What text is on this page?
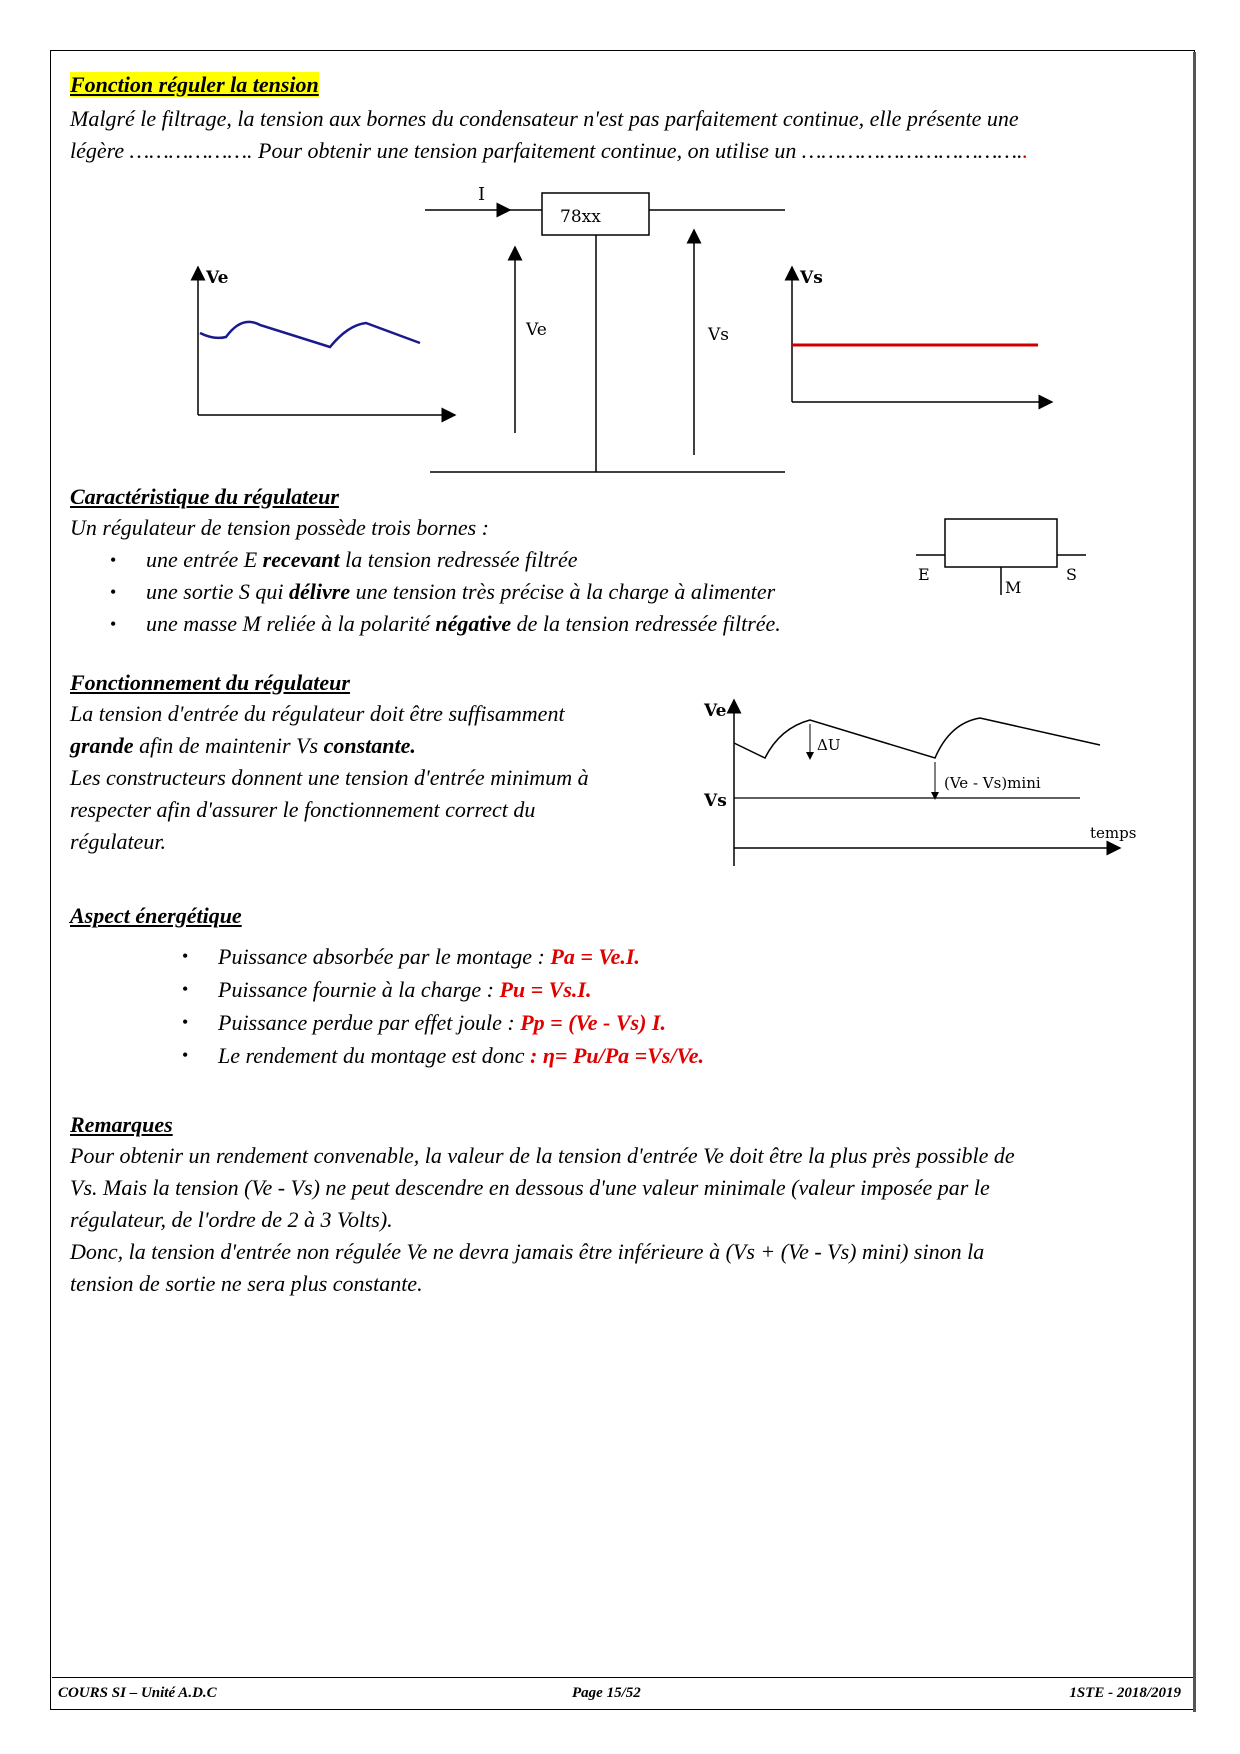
Fonction réguler la tension
Malgré le filtrage, la tension aux bornes du condensateur n'est pas parfaitement continue, elle présente une
légère ………………. Pour obtenir une tension parfaitement continue, on utilise un ……………………………..
Ve
I
78xx
Ve	Vs
Vs
Caractéristique du régulateur
Un régulateur de tension possède trois bornes :
• une entrée E recevant la tension redressée filtrée
• une sortie S qui délivre une tension très précise à la charge à alimenter
• une masse M reliée à la polarité négative de la tension redressée filtrée.
E	S
M
Fonctionnement du régulateur
La tension d'entrée du régulateur doit être suffisamment
grande afin de maintenir Vs constante.
Les constructeurs donnent une tension d'entrée minimum à
respecter afin d'assurer le fonctionnement correct du
régulateur.
Ve
Vs
ΔU
(Ve - Vs)mini
temps
Aspect énergétique
• Puissance absorbée par le montage : Pa = Ve.I.
• Puissance fournie à la charge : Pu = Vs.I.
• Puissance perdue par effet joule : Pp = (Ve - Vs) I.
• Le rendement du montage est donc : η= Pu/Pa =Vs/Ve.
Remarques
Pour obtenir un rendement convenable, la valeur de la tension d'entrée Ve doit être la plus près possible de
Vs. Mais la tension (Ve - Vs) ne peut descendre en dessous d'une valeur minimale (valeur imposée par le
régulateur, de l'ordre de 2 à 3 Volts).
Donc, la tension d'entrée non régulée Ve ne devra jamais être inférieure à (Vs + (Ve - Vs) mini) sinon la
tension de sortie ne sera plus constante.
COURS SI – Unité A.D.C	Page 15/52	1STE - 2018/2019
